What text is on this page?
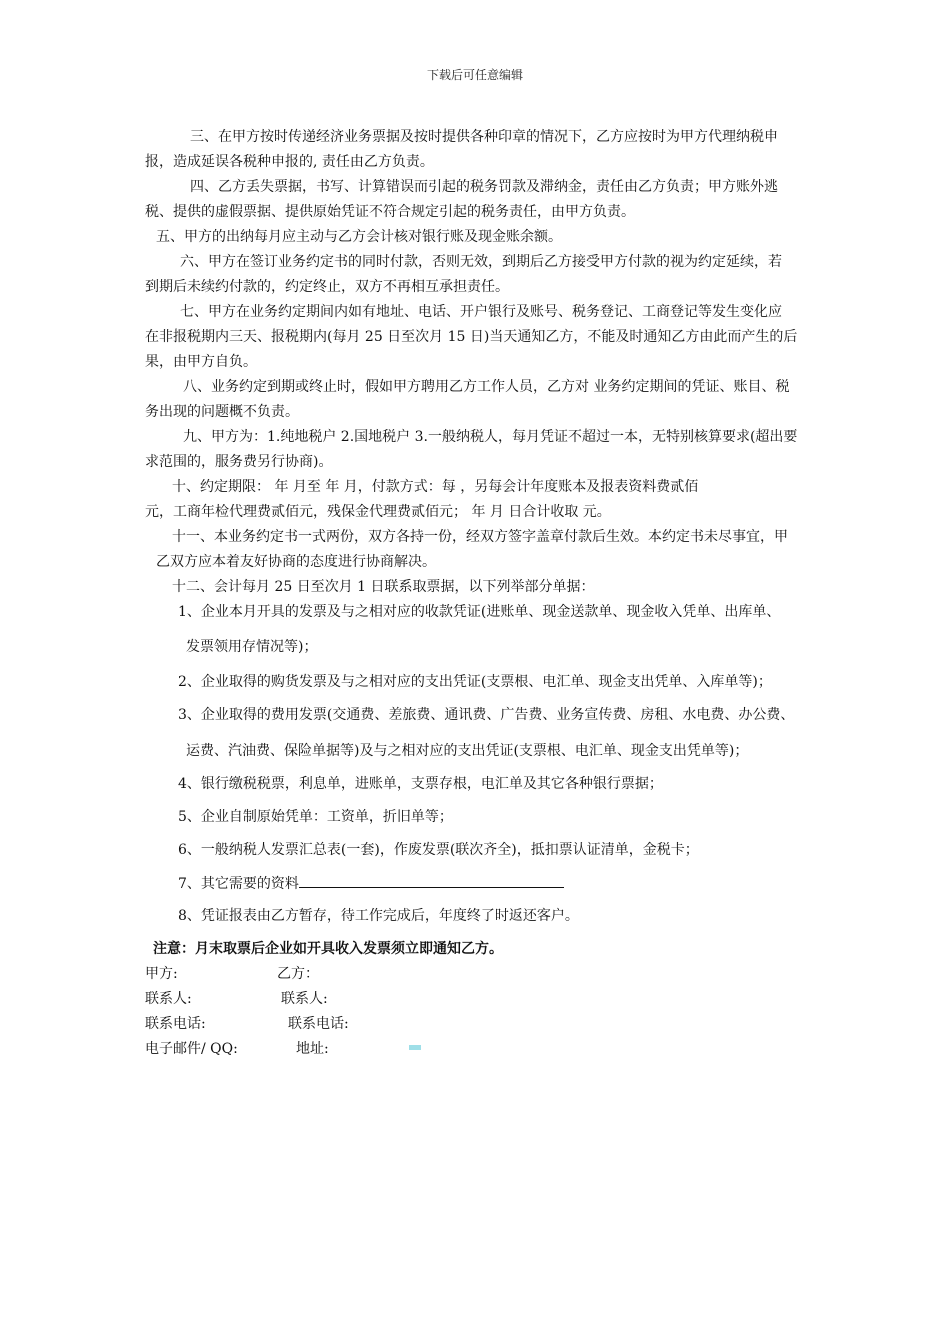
下载后可任意编辑
三、在甲方按时传递经济业务票据及按时提供各种印章的情况下，乙方应按时为甲方代理纳税申
报，造成延误各税种申报的, 责任由乙方负责。
四、乙方丢失票据，书写、计算错误而引起的税务罚款及滞纳金，责任由乙方负责；甲方账外逃
税、提供的虚假票据、提供原始凭证不符合规定引起的税务责任，由甲方负责。
五、甲方的出纳每月应主动与乙方会计核对银行账及现金账余额。
六、甲方在签订业务约定书的同时付款，否则无效，到期后乙方接受甲方付款的视为约定延续，若
到期后未续约付款的，约定终止，双方不再相互承担责任。
七、甲方在业务约定期间内如有地址、电话、开户银行及账号、税务登记、工商登记等发生变化应
在非报税期内三天、报税期内(每月 25 日至次月 15 日)当天通知乙方，不能及时通知乙方由此而产生的后
果，由甲方自负。
八、业务约定到期或终止时，假如甲方聘用乙方工作人员，乙方对 业务约定期间的凭证、账目、税
务出现的问题概不负责。
九、甲方为：1.纯地税户 2.国地税户 3.一般纳税人，每月凭证不超过一本，无特别核算要求(超出要
求范围的，服务费另行协商)。
十、约定期限： 年 月至 年 月，付款方式：每 ，另每会计年度账本及报表资料费贰佰
元，工商年检代理费贰佰元，残保金代理费贰佰元； 年 月 日合计收取 元。
十一、本业务约定书一式两份，双方各持一份，经双方签字盖章付款后生效。本约定书未尽事宜，甲
乙双方应本着友好协商的态度进行协商解决。
十二、会计每月 25 日至次月 1 日联系取票据，以下列举部分单据：
1、企业本月开具的发票及与之相对应的收款凭证(进账单、现金送款单、现金收入凭单、出库单、
发票领用存情况等)；
2、企业取得的购货发票及与之相对应的支出凭证(支票根、电汇单、现金支出凭单、入库单等)；
3、企业取得的费用发票(交通费、差旅费、通讯费、广告费、业务宣传费、房租、水电费、办公费、
运费、汽油费、保险单据等)及与之相对应的支出凭证(支票根、电汇单、现金支出凭单等)；
4、银行缴税税票，利息单，进账单，支票存根，电汇单及其它各种银行票据；
5、企业自制原始凭单：工资单，折旧单等；
6、一般纳税人发票汇总表(一套)，作废发票(联次齐全)，抵扣票认证清单，金税卡；
7、其它需要的资料
8、凭证报表由乙方暂存，待工作完成后，年度终了时返还客户。
注意：月末取票后企业如开具收入发票须立即通知乙方。
甲方:	乙方：
联系人:	联系人:
联系电话:	联系电话:
电子邮件/ QQ:	地址:
